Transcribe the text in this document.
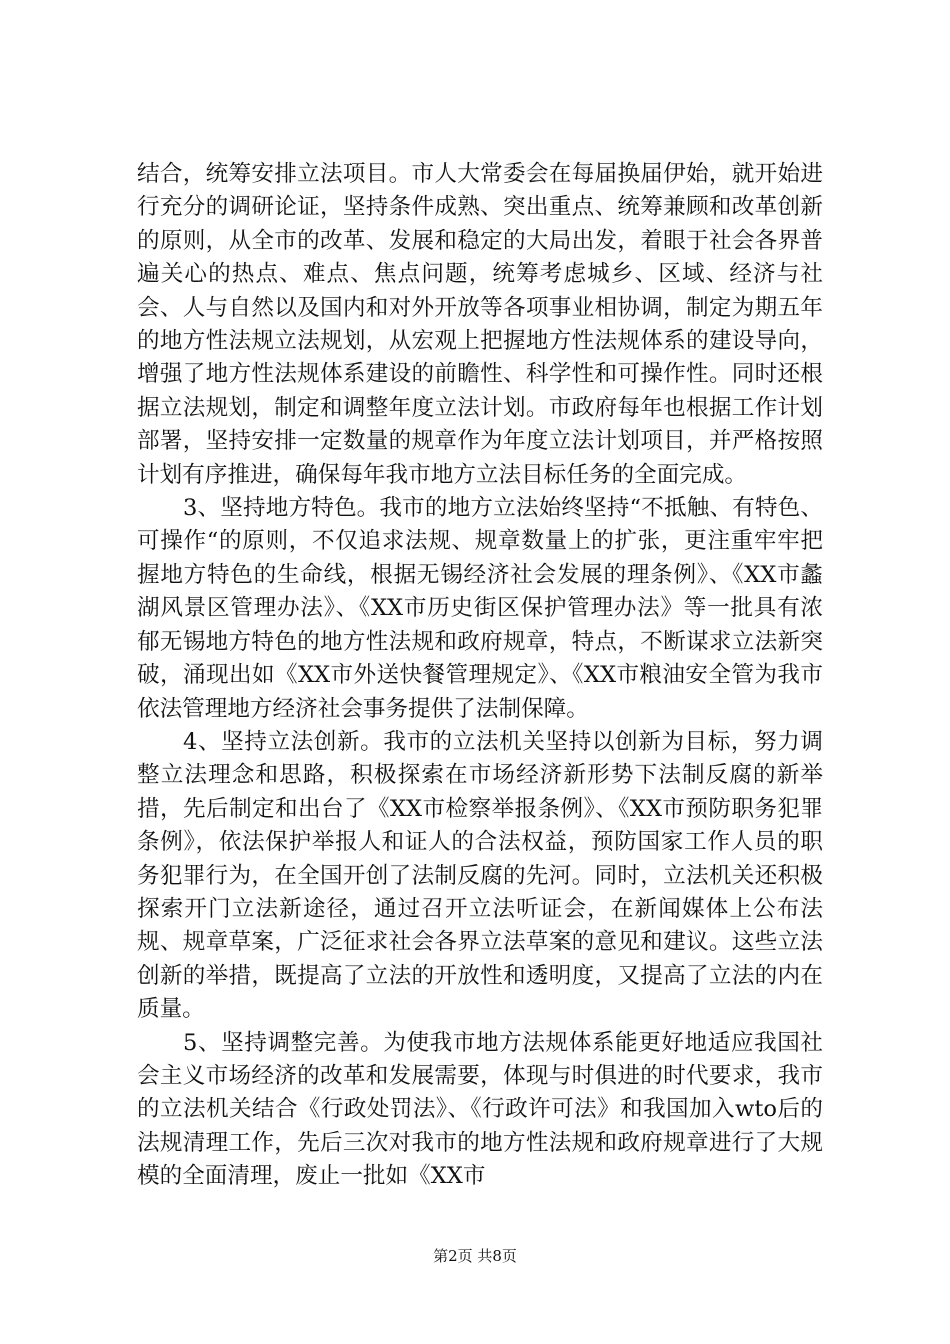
结合，统筹安排立法项目。市人大常委会在每届换届伊始，就开始进行充分的调研论证，坚持条件成熟、突出重点、统筹兼顾和改革创新的原则，从全市的改革、发展和稳定的大局出发，着眼于社会各界普遍关心的热点、难点、焦点问题，统筹考虑城乡、区域、经济与社会、人与自然以及国内和对外开放等各项事业相协调，制定为期五年的地方性法规立法规划，从宏观上把握地方性法规体系的建设导向，增强了地方性法规体系建设的前瞻性、科学性和可操作性。同时还根据立法规划，制定和调整年度立法计划。市政府每年也根据工作计划部署，坚持安排一定数量的规章作为年度立法计划项目，并严格按照计划有序推进，确保每年我市地方立法目标任务的全面完成。

3、坚持地方特色。我市的地方立法始终坚持“不抵触、有特色、可操作“的原则，不仅追求法规、规章数量上的扩张，更注重牢牢把握地方特色的生命线，根据无锡经济社会发展的理条例》、《XX市蠡湖风景区管理办法》、《XX市历史街区保护管理办法》等一批具有浓郁无锡地方特色的地方性法规和政府规章，特点，不断谋求立法新突破，涌现出如《XX市外送快餐管理规定》、《XX市粮油安全管为我市依法管理地方经济社会事务提供了法制保障。

4、坚持立法创新。我市的立法机关坚持以创新为目标，努力调整立法理念和思路，积极探索在市场经济新形势下法制反腐的新举措，先后制定和出台了《XX市检察举报条例》、《XX市预防职务犯罪条例》，依法保护举报人和证人的合法权益，预防国家工作人员的职务犯罪行为，在全国开创了法制反腐的先河。同时，立法机关还积极探索开门立法新途径，通过召开立法听证会，在新闻媒体上公布法规、规章草案，广泛征求社会各界立法草案的意见和建议。这些立法创新的举措，既提高了立法的开放性和透明度，又提高了立法的内在质量。

5、坚持调整完善。为使我市地方法规体系能更好地适应我国社会主义市场经济的改革和发展需要，体现与时俱进的时代要求，我市的立法机关结合《行政处罚法》、《行政许可法》和我国加入wto后的法规清理工作，先后三次对我市的地方性法规和政府规章进行了大规模的全面清理，废止一批如《XX市

第2页 共8页
